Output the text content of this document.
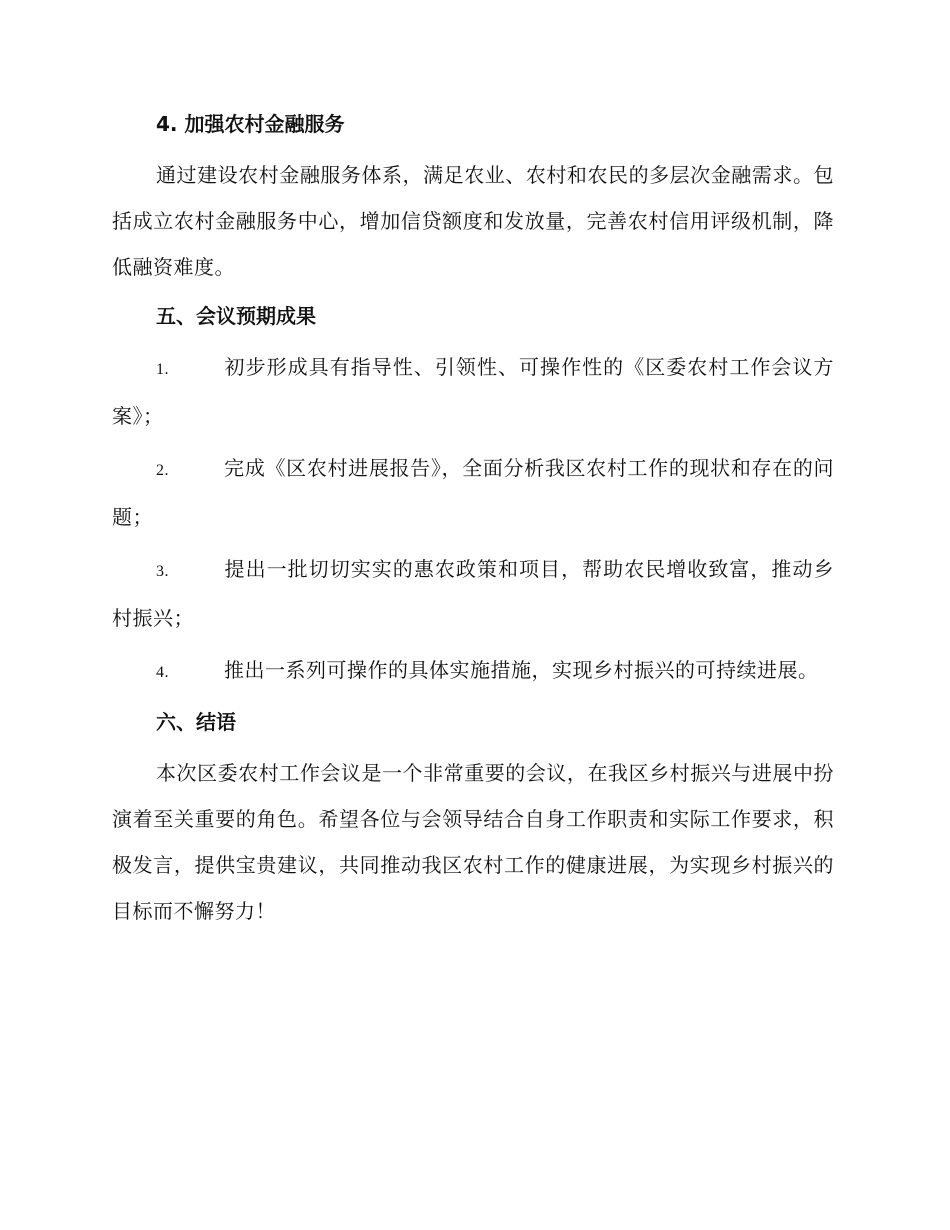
4. 加强农村金融服务

通过建设农村金融服务体系，满足农业、农村和农民的多层次金融需求。包括成立农村金融服务中心，增加信贷额度和发放量，完善农村信用评级机制，降低融资难度。

五、会议预期成果

1.	初步形成具有指导性、引领性、可操作性的《区委农村工作会议方案》；

2.	完成《区农村进展报告》，全面分析我区农村工作的现状和存在的问题；

3.	提出一批切切实实的惠农政策和项目，帮助农民增收致富，推动乡村振兴；

4.	推出一系列可操作的具体实施措施，实现乡村振兴的可持续进展。

六、结语

本次区委农村工作会议是一个非常重要的会议，在我区乡村振兴与进展中扮演着至关重要的角色。希望各位与会领导结合自身工作职责和实际工作要求，积极发言，提供宝贵建议，共同推动我区农村工作的健康进展，为实现乡村振兴的目标而不懈努力！
